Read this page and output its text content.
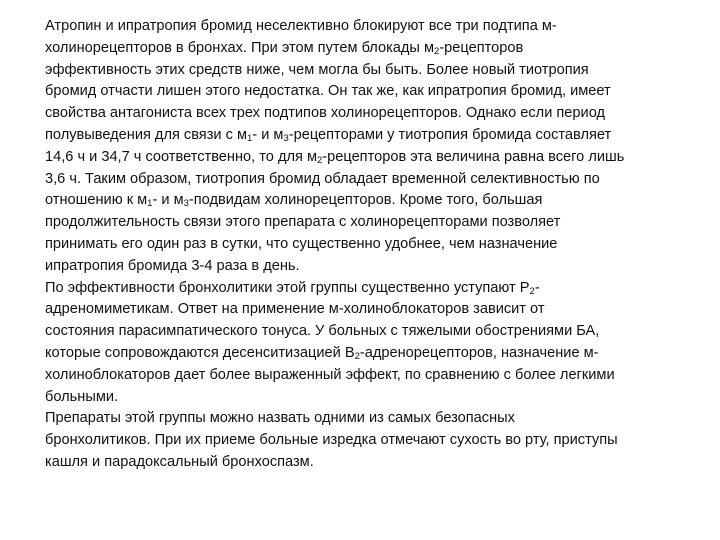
Атропин и ипратропия бромид неселективно блокируют все три подтипа м-
холинорецепторов в бронхах. При этом путем блокады $м_2$-рецепторов
эффективность этих средств ниже, чем могла бы быть. Более новый тиотропия
бромид отчасти лишен этого недостатка. Он так же, как ипратропия бромид, имеет
свойства антагониста всех трех подтипов холинорецепторов. Однако если период
полувыведения для связи с $м_1-$ и $м_3$-рецепторами у тиотропия бромида составляет
14,6 ч и 34,7 ч соответственно, то для $м_2$-рецепторов эта величина равна всего лишь
3,6 ч. Таким образом, тиотропия бромид обладает временной селективностью по
отношению к $м_1-$ и $м_3$-подвидам холинорецепторов. Кроме того, большая
продолжительность связи этого препарата с холинорецепторами позволяет
принимать его один раз в сутки, что существенно удобнее, чем назначение
ипратропия бромида 3-4 раза в день.
По эффективности бронхолитики этой группы существенно уступают $Р_2-$
адреномиметикам. Ответ на применение м-холиноблокаторов зависит от
состояния парасимпатического тонуса. У больных с тяжелыми обострениями БА,
которые сопровождаются десенситизацией $В_2$-адренорецепторов, назначение м-
холиноблокаторов дает более выраженный эффект, по сравнению с более легкими
больными.
Препараты этой группы можно назвать одними из самых безопасных
бронхолитиков. При их приеме больные изредка отмечают сухость во рту, приступы
кашля и парадоксальный бронхоспазм.
